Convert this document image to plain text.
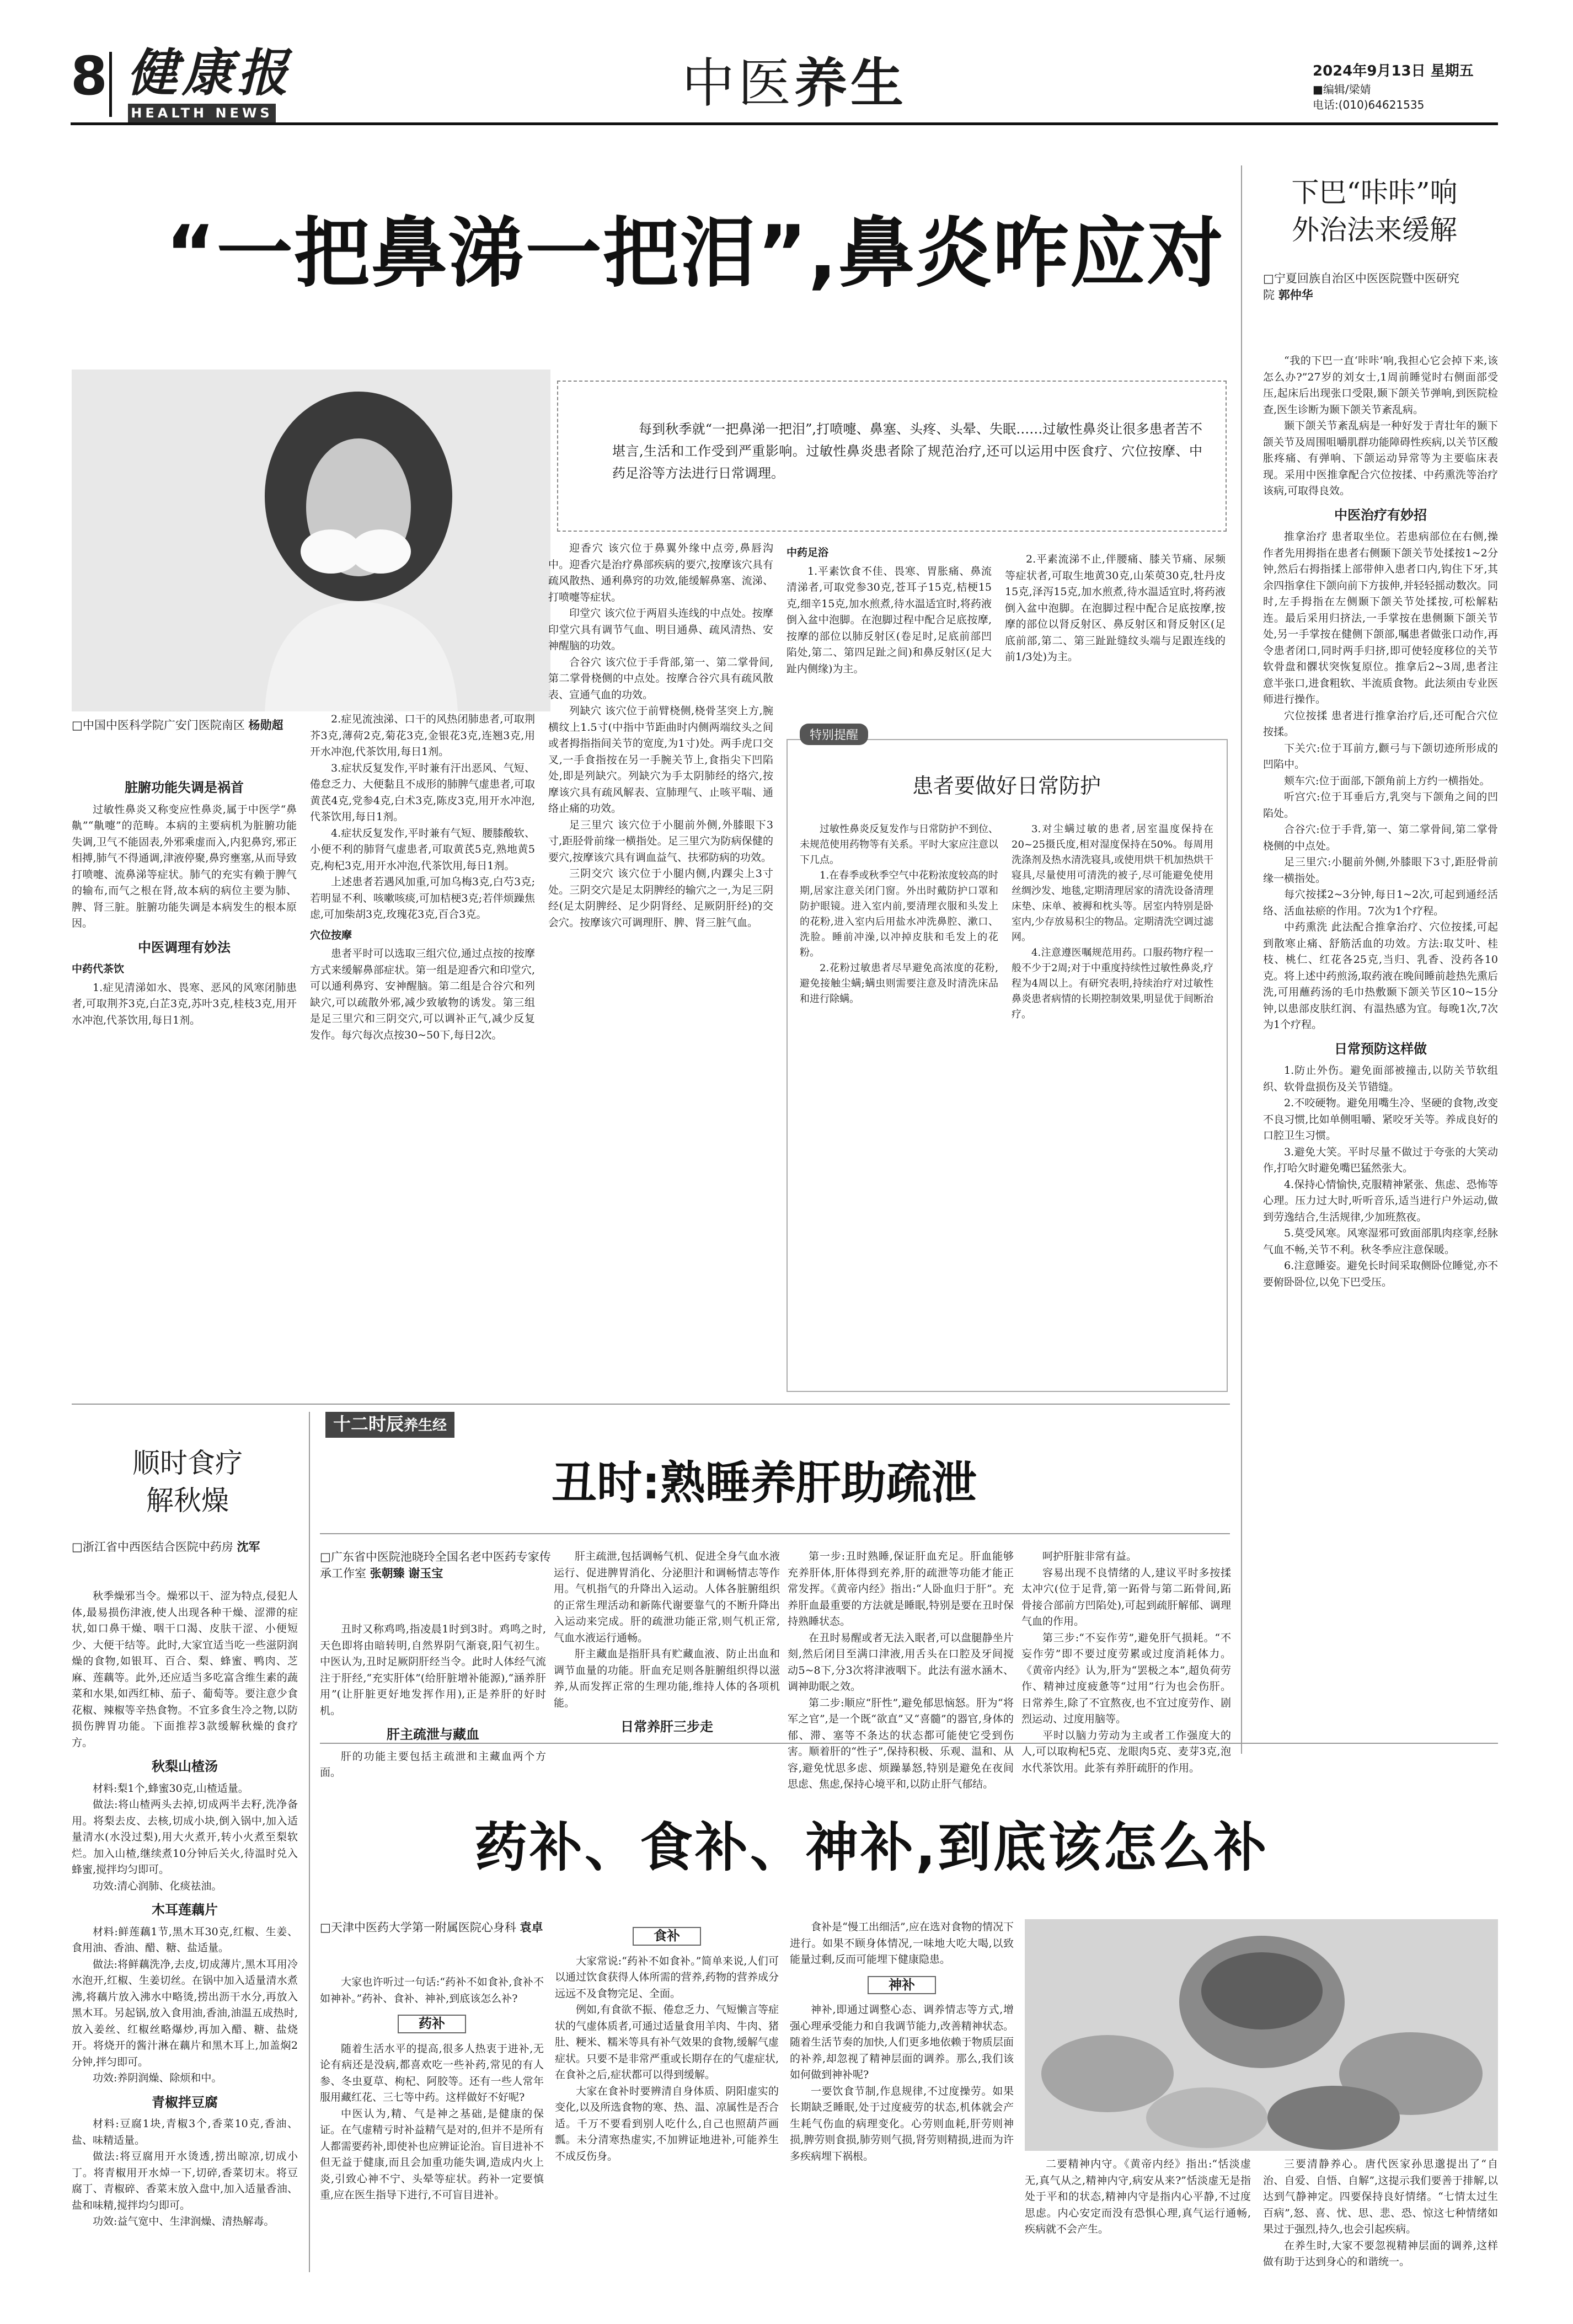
8 健康报
HEALTH NEWS	中医养生	2024年9月13日 星期五
■编辑/梁婧
电话:(010)64621535
“一把鼻涕一把泪”,鼻炎咋应对
每到秋季就“一把鼻涕一把泪”,打喷嚏、鼻塞、头疼、头晕、失眠……过敏性鼻炎让很多患者苦不堪言,生活和工作受到严重影响。过敏性鼻炎患者除了规范治疗,还可以运用中医食疗、穴位按摩、中药足浴等方法进行日常调理。
□中国中医科学院广安门医院南区 杨勋超
脏腑功能失调是祸首

过敏性鼻炎又称变应性鼻炎,属于中医学“鼻鼽”“鼽嚏”的范畴。本病的主要病机为脏腑功能失调,卫气不能固表,外邪乘虚而入,内犯鼻窍,邪正相搏,肺气不得通调,津液停聚,鼻窍壅塞,从而导致打喷嚏、流鼻涕等症状。肺气的充实有赖于脾气的输布,而气之根在肾,故本病的病位主要为肺、脾、肾三脏。脏腑功能失调是本病发生的根本原因。

中医调理有妙法
中药代茶饮

1.症见清涕如水、畏寒、恶风的风寒闭肺患者,可取荆芥3克,白芷3克,苏叶3克,桂枝3克,用开水冲泡,代茶饮用,每日1剂。

2.症见流浊涕、口干的风热闭肺患者,可取荆芥3克,薄荷2克,菊花3克,金银花3克,连翘3克,用开水冲泡,代茶饮用,每日1剂。

3.症状反复发作,平时兼有汗出恶风、气短、倦怠乏力、大便黏且不成形的肺脾气虚患者,可取黄芪4克,党参4克,白术3克,陈皮3克,用开水冲泡,代茶饮用,每日1剂。

4.症状反复发作,平时兼有气短、腰膝酸软、小便不利的肺肾气虚患者,可取黄芪5克,熟地黄5克,枸杞3克,用开水冲泡,代茶饮用,每日1剂。

上述患者若遇风加重,可加乌梅3克,白芍3克;若明显不利、咳嗽咳痰,可加桔梗3克;若伴烦躁焦虑,可加柴胡3克,玫瑰花3克,百合3克。

穴位按摩

患者平时可以选取三组穴位,通过点按的按摩方式来缓解鼻部症状。第一组是迎香穴和印堂穴,可以通利鼻窍、安神醒脑。第二组是合谷穴和列缺穴,可以疏散外邪,减少致敏物的诱发。第三组是足三里穴和三阴交穴,可以调补正气,减少反复发作。每穴每次点按30~50下,每日2次。

迎香穴 该穴位于鼻翼外缘中点旁,鼻唇沟中。迎香穴是治疗鼻部疾病的要穴,按摩该穴具有疏风散热、通利鼻窍的功效,能缓解鼻塞、流涕、打喷嚏等症状。

印堂穴 该穴位于两眉头连线的中点处。按摩印堂穴具有调节气血、明目通鼻、疏风清热、安神醒脑的功效。

合谷穴 该穴位于手背部,第一、第二掌骨间,第二掌骨桡侧的中点处。按摩合谷穴具有疏风散表、宣通气血的功效。

列缺穴 该穴位于前臂桡侧,桡骨茎突上方,腕横纹上1.5寸(中指中节距曲时内侧两端纹头之间或者拇指指间关节的宽度,为1寸)处。两手虎口交叉,一手食指按在另一手腕关节上,食指尖下凹陷处,即是列缺穴。列缺穴为手太阴肺经的络穴,按摩该穴具有疏风解表、宣肺理气、止咳平喘、通络止痛的功效。

足三里穴 该穴位于小腿前外侧,外膝眼下3寸,距胫骨前缘一横指处。足三里穴为防病保健的要穴,按摩该穴具有调血益气、扶邪防病的功效。

三阴交穴 该穴位于小腿内侧,内踝尖上3寸处。三阴交穴是足太阴脾经的输穴之一,为足三阴经(足太阴脾经、足少阴肾经、足厥阴肝经)的交会穴。按摩该穴可调理肝、脾、肾三脏气血。

中药足浴

1.平素饮食不佳、畏寒、胃胀痛、鼻流清涕者,可取党参30克,苍耳子15克,桔梗15克,细辛15克,加水煎煮,待水温适宜时,将药液倒入盆中泡脚。在泡脚过程中配合足底按摩,按摩的部位以肺反射区(卷足时,足底前部凹陷处,第二、第四足趾之间)和鼻反射区(足大趾内侧缘)为主。

2.平素流涕不止,伴腰痛、膝关节痛、尿频等症状者,可取生地黄30克,山茱萸30克,牡丹皮15克,泽泻15克,加水煎煮,待水温适宜时,将药液倒入盆中泡脚。在泡脚过程中配合足底按摩,按摩的部位以肾反射区、鼻反射区和肾反射区(足底前部,第二、第三趾趾缝纹头端与足跟连线的前1/3处)为主。

特别提醒
患者要做好日常防护

过敏性鼻炎反复发作与日常防护不到位、未规范使用药物等有关系。平时大家应注意以下几点。

1.在春季或秋季空气中花粉浓度较高的时期,居家注意关闭门窗。外出时戴防护口罩和防护眼镜。进入室内前,要清理衣服和头发上的花粉,进入室内后用盐水冲洗鼻腔、漱口、洗脸。睡前冲澡,以冲掉皮肤和毛发上的花粉。

2.花粉过敏患者尽早避免高浓度的花粉,避免接触尘螨;螨虫则需要注意及时清洗床品和进行除螨。

3.对尘螨过敏的患者,居室温度保持在20~25摄氏度,相对湿度保持在50%。每周用洗涤剂及热水清洗寝具,或使用烘干机加热烘干寝具,尽量使用可清洗的被子,尽可能避免使用丝绸沙发、地毯,定期清理居家的清洗设备清理床垫、床单、被褥和枕头等。居室内特别是卧室内,少存放易积尘的物品。定期清洗空调过滤网。

4.注意遵医嘱规范用药。口服药物疗程一般不少于2周;对于中重度持续性过敏性鼻炎,疗程为4周以上。有研究表明,持续治疗对过敏性鼻炎患者病情的长期控制效果,明显优于间断治疗。

下巴“咔咔”响
外治法来缓解
□宁夏回族自治区中医医院暨中医研究院 郭仲华

“我的下巴一直‘咔咔’响,我担心它会掉下来,该怎么办?”27岁的刘女士,1周前睡觉时右侧面部受压,起床后出现张口受限,颞下颌关节弹响,到医院检查,医生诊断为颞下颌关节紊乱病。

颞下颌关节紊乱病是一种好发于青壮年的颞下颌关节及周围咀嚼肌群功能障碍性疾病,以关节区酸胀疼痛、有弹响、下颌运动异常等为主要临床表现。采用中医推拿配合穴位按揉、中药熏洗等治疗该病,可取得良效。

中医治疗有妙招

推拿治疗 患者取坐位。若患病部位在右侧,操作者先用拇指在患者右侧颞下颌关节处揉按1~2分钟,然后右拇指揉上部带伸入患者口内,钩住下牙,其余四指拿住下颌向前下方拔伸,并轻轻摇动数次。同时,左手拇指在左侧颞下颌关节处揉按,可松解粘连。最后采用归挤法,一手掌按在患侧颞下颌关节处,另一手掌按在健侧下颌部,嘱患者做张口动作,再令患者闭口,同时两手归挤,即可使轻度移位的关节软骨盘和髁状突恢复原位。推拿后2~3周,患者注意半张口,进食粗软、半流质食物。此法须由专业医师进行操作。

穴位按揉 患者进行推拿治疗后,还可配合穴位按揉。

下关穴:位于耳前方,颧弓与下颌切迹所形成的凹陷中。

颊车穴:位于面部,下颌角前上方约一横指处。

听宫穴:位于耳垂后方,乳突与下颌角之间的凹陷处。

合谷穴:位于手背,第一、第二掌骨间,第二掌骨桡侧的中点处。

足三里穴:小腿前外侧,外膝眼下3寸,距胫骨前缘一横指处。

每穴按揉2~3分钟,每日1~2次,可起到通经活络、活血祛瘀的作用。7次为1个疗程。

中药熏洗 此法配合推拿治疗、穴位按揉,可起到散寒止痛、舒筋活血的功效。方法:取艾叶、桂枝、桃仁、红花各25克,当归、乳香、没药各10克。将上述中药煎汤,取药液在晚间睡前趁热先熏后洗,可用蘸药汤的毛巾热敷颞下颌关节区10~15分钟,以患部皮肤红润、有温热感为宜。每晚1次,7次为1个疗程。

日常预防这样做

1.防止外伤。避免面部被撞击,以防关节软组织、软骨盘损伤及关节错缝。

2.不咬硬物。避免用嘴生冷、坚硬的食物,改变不良习惯,比如单侧咀嚼、紧咬牙关等。养成良好的口腔卫生习惯。

3.避免大笑。平时尽量不做过于夸张的大笑动作,打哈欠时避免嘴巴猛然张大。

4.保持心情愉快,克服精神紧张、焦虑、恐怖等心理。压力过大时,听听音乐,适当进行户外运动,做到劳逸结合,生活规律,少加班熬夜。

5.莫受风寒。风寒湿邪可致面部肌肉痉挛,经脉气血不畅,关节不利。秋冬季应注意保暖。

6.注意睡姿。避免长时间采取侧卧位睡觉,亦不要俯卧卧位,以免下巴受压。

顺时食疗
解秋燥
□浙江省中西医结合医院中药房 沈军

秋季燥邪当令。燥邪以干、涩为特点,侵犯人体,最易损伤津液,使人出现各种干燥、涩滞的症状,如口鼻干燥、咽干口渴、皮肤干涩、小便短少、大便干结等。此时,大家宜适当吃一些滋阴润燥的食物,如银耳、百合、梨、蜂蜜、鸭肉、芝麻、莲藕等。此外,还应适当多吃富含维生素的蔬菜和水果,如西红柿、茄子、葡萄等。要注意少食花椒、辣椒等辛热食物。不宜多食生冷之物,以防损伤脾胃功能。下面推荐3款缓解秋燥的食疗方。

秋梨山楂汤

材料:梨1个,蜂蜜30克,山楂适量。

做法:将山楂两头去掉,切成两半去籽,洗净备用。将梨去皮、去核,切成小块,倒入锅中,加入适量清水(水没过梨),用大火煮开,转小火煮至梨软烂。加入山楂,继续煮10分钟后关火,待温时兑入蜂蜜,搅拌均匀即可。

功效:清心润肺、化痰祛油。

木耳莲藕片

材料:鲜莲藕1节,黑木耳30克,红椒、生姜、食用油、香油、醋、糖、盐适量。

做法:将鲜藕洗净,去皮,切成薄片,黑木耳用冷水泡开,红椒、生姜切丝。在锅中加入适量清水煮沸,将藕片放入沸水中略烫,捞出沥干水分,再放入黑木耳。另起锅,放入食用油,香油,油温五成热时,放入姜丝、红椒丝略爆炒,再加入醋、糖、盐烧开。将烧开的酱汁淋在藕片和黑木耳上,加盖焖2分钟,拌匀即可。

功效:养阴润燥、除烦和中。

青椒拌豆腐

材料:豆腐1块,青椒3个,香菜10克,香油、盐、味精适量。

做法:将豆腐用开水烫透,捞出晾凉,切成小丁。将青椒用开水焯一下,切碎,香菜切末。将豆腐丁、青椒碎、香菜末放入盘中,加入适量香油、盐和味精,搅拌均匀即可。

功效:益气宽中、生津润燥、清热解毒。

十二时辰养生经
丑时:熟睡养肝助疏泄
□广东省中医院池晓玲全国名老中医药专家传承工作室 张朝臻 谢玉宝

丑时又称鸡鸣,指凌晨1时到3时。鸡鸣之时,天色即将由暗转明,自然界阴气渐衰,阳气初生。中医认为,丑时足厥阴肝经当令。此时人体经气流注于肝经,“充实肝体”(给肝脏增补能源),“涵养肝用”(让肝脏更好地发挥作用),正是养肝的好时机。

肝主疏泄与藏血

肝的功能主要包括主疏泄和主藏血两个方面。

肝主疏泄,包括调畅气机、促进全身气血水液运行、促进脾胃消化、分泌胆汁和调畅情志等作用。气机指气的升降出入运动。人体各脏腑组织的正常生理活动和新陈代谢要靠气的不断升降出入运动来完成。肝的疏泄功能正常,则气机正常,气血水液运行通畅。

肝主藏血是指肝具有贮藏血液、防止出血和调节血量的功能。肝血充足则各脏腑组织得以滋养,从而发挥正常的生理功能,维持人体的各项机能。

日常养肝三步走

第一步:丑时熟睡,保证肝血充足。肝血能够充养肝体,肝体得到充养,肝的疏泄等功能才能正常发挥。《黄帝内经》指出:“人卧血归于肝”。充养肝血最重要的方法就是睡眠,特别是要在丑时保持熟睡状态。

在丑时易醒或者无法入眠者,可以盘腿静坐片刻,然后闭目至满口津液,用舌头在口腔及牙间搅动5~8下,分3次将津液咽下。此法有滋水涵木、调神助眠之效。

第二步:顺应“肝性”,避免郁思恼怒。肝为“将军之官”,是一个既“欲直”又“喜髓”的器官,身体的郁、滞、塞等不条达的状态都可能使它受到伤害。顺着肝的“性子”,保持积极、乐观、温和、从容,避免忧思多虑、烦躁暴怒,特别是避免在夜间思虑、焦虑,保持心境平和,以防止肝气郁结。

呵护肝脏非常有益。

容易出现不良情绪的人,建议平时多按揉太冲穴(位于足背,第一跖骨与第二跖骨间,跖骨接合部前方凹陷处),可起到疏肝解郁、调理气血的作用。

第三步:“不妄作劳”,避免肝气损耗。“不妄作劳”即不要过度劳累或过度消耗体力。《黄帝内经》认为,肝为“罢极之本”,超负荷劳作、精神过度疲惫等“过用”行为也会伤肝。日常养生,除了不宜熬夜,也不宜过度劳作、剧烈运动、过度用脑等。

平时以脑力劳动为主或者工作强度大的人,可以取枸杞5克、龙眼肉5克、麦芽3克,泡水代茶饮用。此茶有养肝疏肝的作用。

药补、食补、神补,到底该怎么补
□天津中医药大学第一附属医院心身科 袁卓

大家也许听过一句话:“药补不如食补,食补不如神补。”药补、食补、神补,到底该怎么补?

药补

随着生活水平的提高,很多人热衷于进补,无论有病还是没病,都喜欢吃一些补药,常见的有人参、冬虫夏草、枸杞、阿胶等。还有一些人常年服用藏红花、三七等中药。这样做好不好呢?

中医认为,精、气是神之基础,是健康的保证。在气虚精亏时补益精气是对的,但并不是所有人都需要药补,即使补也应辨证论治。盲目进补不但无益于健康,而且会加重功能失调,造成内火上炎,引致心神不宁、头晕等症状。药补一定要慎重,应在医生指导下进行,不可盲目进补。

食补

大家常说:“药补不如食补。”简单来说,人们可以通过饮食获得人体所需的营养,药物的营养成分远远不及食物完足、全面。

例如,有食欲不振、倦怠乏力、气短懒言等症状的气虚体质者,可通过适量食用羊肉、牛肉、猪肚、粳米、糯米等具有补气效果的食物,缓解气虚症状。只要不是非常严重或长期存在的气虚症状,在食补之后,症状都可以得到缓解。

大家在食补时要辨清自身体质、阴阳虚实的变化,以及所选食物的寒、热、温、凉属性是否合适。千万不要看到别人吃什么,自己也照葫芦画瓢。未分清寒热虚实,不加辨证地进补,可能养生不成反伤身。

食补是“慢工出细活”,应在选对食物的情况下进行。如果不顾身体情况,一味地大吃大喝,以致能量过剩,反而可能埋下健康隐患。

神补

神补,即通过调整心态、调养情志等方式,增强心理承受能力和自我调节能力,改善精神状态。随着生活节奏的加快,人们更多地依赖于物质层面的补养,却忽视了精神层面的调养。那么,我们该如何做到神补呢?

一要饮食节制,作息规律,不过度操劳。如果长期缺乏睡眠,处于过度疲劳的状态,机体就会产生耗气伤血的病理变化。心劳则血耗,肝劳则神损,脾劳则食损,肺劳则气损,肾劳则精损,进而为许多疾病埋下祸根。

二要精神内守。《黄帝内经》指出:“恬淡虚无,真气从之,精神内守,病安从来?”恬淡虚无是指处于平和的状态,精神内守是指内心平静,不过度思虑。内心安定而没有恐惧心理,真气运行通畅,疾病就不会产生。

三要清静养心。唐代医家孙思邈提出了“自治、自爱、自悟、自解”,这提示我们要善于排解,以达到气静神定。四要保持良好情绪。“七情太过生百病”,怒、喜、忧、思、悲、恐、惊这七种情绪如果过于强烈,持久,也会引起疾病。

在养生时,大家不要忽视精神层面的调养,这样做有助于达到身心的和谐统一。
